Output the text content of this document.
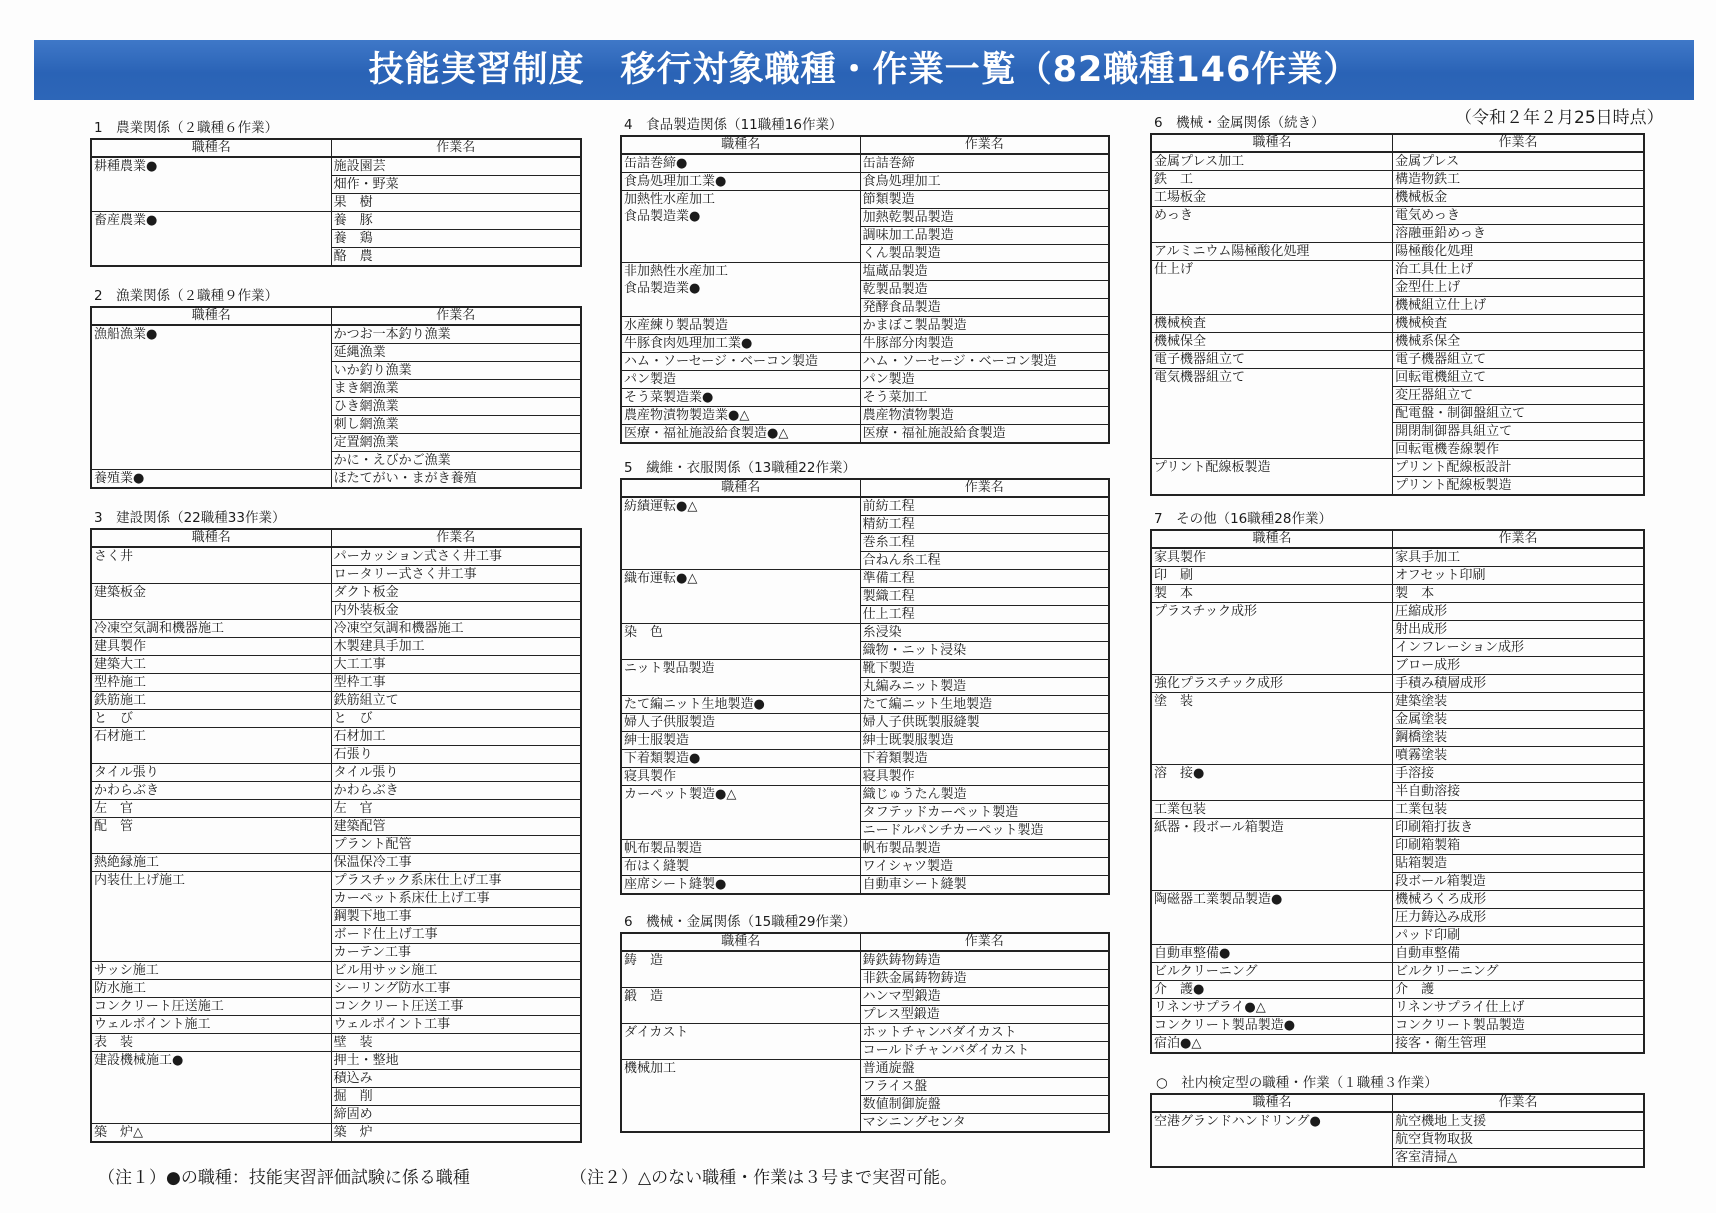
技能実習制度　移行対象職種・作業一覧（82職種146作業）
（令和２年２月25日時点）
1　農業関係（２職種６作業）
職種名	作業名

耕種農業●	施設園芸
	畑作・野菜
	果　樹

畜産農業●	養　豚
	養　鶏
	酪　農
2　漁業関係（２職種９作業）
職種名	作業名

漁船漁業●	かつお一本釣り漁業
	延縄漁業
	いか釣り漁業
	まき網漁業
	ひき網漁業
	刺し網漁業
	定置網漁業
	かに・えびかご漁業

養殖業●	ほたてがい・まがき養殖
3　建設関係（22職種33作業）
職種名	作業名

さく井	パーカッション式さく井工事
	ロータリー式さく井工事

建築板金	ダクト板金
	内外装板金

冷凍空気調和機器施工	冷凍空気調和機器施工

建具製作	木製建具手加工

建築大工	大工工事

型枠施工	型枠工事

鉄筋施工	鉄筋組立て

と　び	と　び

石材施工	石材加工
	石張り

タイル張り	タイル張り

かわらぶき	かわらぶき

左　官	左　官

配　管	建築配管
	プラント配管

熱絶縁施工	保温保冷工事

内装仕上げ施工	プラスチック系床仕上げ工事
	カーペット系床仕上げ工事
	鋼製下地工事
	ボード仕上げ工事
	カーテン工事

サッシ施工	ビル用サッシ施工

防水施工	シーリング防水工事

コンクリート圧送施工	コンクリート圧送工事

ウェルポイント施工	ウェルポイント工事

表　装	壁　装

建設機械施工●	押土・整地
	積込み
	掘　削
	締固め

築　炉△	築　炉
4　食品製造関係（11職種16作業）
職種名	作業名

缶詰巻締●	缶詰巻締

食鳥処理加工業●	食鳥処理加工

加熱性水産加工
食品製造業●	節類製造
	加熱乾製品製造
	調味加工品製造
	くん製品製造

非加熱性水産加工
食品製造業●	塩蔵品製造
	乾製品製造
	発酵食品製造

水産練り製品製造	かまぼこ製品製造

牛豚食肉処理加工業●	牛豚部分肉製造

ハム・ソーセージ・ベーコン製造	ハム・ソーセージ・ベーコン製造

パン製造	パン製造

そう菜製造業●	そう菜加工

農産物漬物製造業●△	農産物漬物製造

医療・福祉施設給食製造●△	医療・福祉施設給食製造
5　繊維・衣服関係（13職種22作業）
職種名	作業名

紡績運転●△	前紡工程
	精紡工程
	巻糸工程
	合ねん糸工程

織布運転●△	準備工程
	製織工程
	仕上工程

染　色	糸浸染
	織物・ニット浸染

ニット製品製造	靴下製造
	丸編みニット製造

たて編ニット生地製造●	たて編ニット生地製造

婦人子供服製造	婦人子供既製服縫製

紳士服製造	紳士既製服製造

下着類製造●	下着類製造

寝具製作	寝具製作

カーペット製造●△	織じゅうたん製造
	タフテッドカーペット製造
	ニードルパンチカーペット製造

帆布製品製造	帆布製品製造

布はく縫製	ワイシャツ製造

座席シート縫製●	自動車シート縫製
6　機械・金属関係（15職種29作業）
職種名	作業名

鋳　造	鋳鉄鋳物鋳造
	非鉄金属鋳物鋳造

鍛　造	ハンマ型鍛造
	プレス型鍛造

ダイカスト	ホットチャンバダイカスト
	コールドチャンバダイカスト

機械加工	普通旋盤
	フライス盤
	数値制御旋盤
	マシニングセンタ
6　機械・金属関係（続き）
職種名	作業名

金属プレス加工	金属プレス

鉄　工	構造物鉄工

工場板金	機械板金

めっき	電気めっき
	溶融亜鉛めっき

アルミニウム陽極酸化処理	陽極酸化処理

仕上げ	治工具仕上げ
	金型仕上げ
	機械組立仕上げ

機械検査	機械検査

機械保全	機械系保全

電子機器組立て	電子機器組立て

電気機器組立て	回転電機組立て
	変圧器組立て
	配電盤・制御盤組立て
	開閉制御器具組立て
	回転電機巻線製作

プリント配線板製造	プリント配線板設計
	プリント配線板製造
7　その他（16職種28作業）
職種名	作業名

家具製作	家具手加工

印　刷	オフセット印刷

製　本	製　本

プラスチック成形	圧縮成形
	射出成形
	インフレーション成形
	ブロー成形

強化プラスチック成形	手積み積層成形

塗　装	建築塗装
	金属塗装
	鋼橋塗装
	噴霧塗装

溶　接●	手溶接
	半自動溶接

工業包装	工業包装

紙器・段ボール箱製造	印刷箱打抜き
	印刷箱製箱
	貼箱製造
	段ボール箱製造

陶磁器工業製品製造●	機械ろくろ成形
	圧力鋳込み成形
	パッド印刷

自動車整備●	自動車整備

ビルクリーニング	ビルクリーニング

介　護●	介　護

リネンサプライ●△	リネンサプライ仕上げ

コンクリート製品製造●	コンクリート製品製造

宿泊●△	接客・衛生管理
○　社内検定型の職種・作業（１職種３作業）
職種名	作業名

空港グランドハンドリング●	航空機地上支援
	航空貨物取扱
	客室清掃△
（注１）●の職種：技能実習評価試験に係る職種	（注２）△のない職種・作業は３号まで実習可能。
